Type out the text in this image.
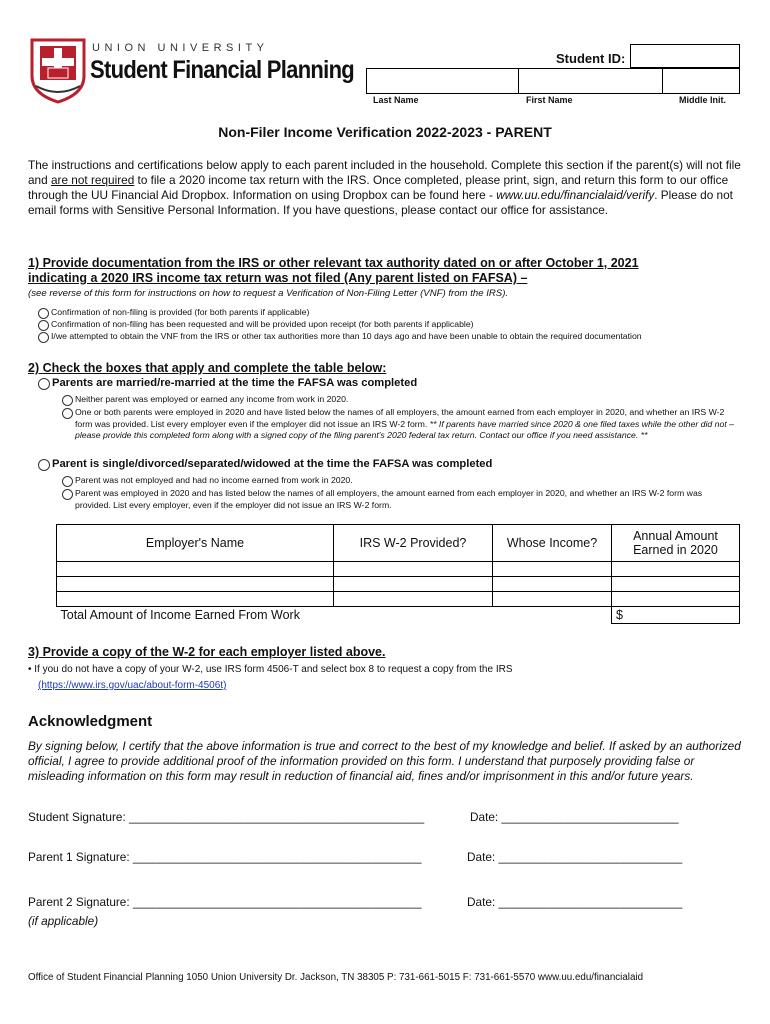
UNION UNIVERSITY
Student Financial Planning	Student ID:
Last Name	First Name	Middle Init.
Non-Filer Income Verification 2022-2023 - PARENT
The instructions and certifications below apply to each parent included in the household. Complete this section if the parent(s) will not file and are not required to file a 2020 income tax return with the IRS. Once completed, please print, sign, and return this form to our office through the UU Financial Aid Dropbox. Information on using Dropbox can be found here - www.uu.edu/financialaid/verify. Please do not email forms with Sensitive Personal Information. If you have questions, please contact our office for assistance.
1) Provide documentation from the IRS or other relevant tax authority dated on or after October 1, 2021
indicating a 2020 IRS income tax return was not filed (Any parent listed on FAFSA) –
(see reverse of this form for instructions on how to request a Verification of Non-Filing Letter (VNF) from the IRS).
Confirmation of non-filing is provided (for both parents if applicable)
Confirmation of non-filing has been requested and will be provided upon receipt (for both parents if applicable)
I/we attempted to obtain the VNF from the IRS or other tax authorities more than 10 days ago and have been unable to obtain the required documentation
2) Check the boxes that apply and complete the table below:
Parents are married/re-married at the time the FAFSA was completed
Neither parent was employed or earned any income from work in 2020.
One or both parents were employed in 2020 and have listed below the names of all employers, the amount earned from each employer in 2020, and whether an IRS W-2 form was provided. List every employer even if the employer did not issue an IRS W-2 form. ** If parents have married since 2020 & one filed taxes while the other did not – please provide this completed form along with a signed copy of the filing parent's 2020 federal tax return. Contact our office if you need assistance. **
Parent is single/divorced/separated/widowed at the time the FAFSA was completed
Parent was not employed and had no income earned from work in 2020.
Parent was employed in 2020 and has listed below the names of all employers, the amount earned from each employer in 2020, and whether an IRS W-2 form was provided. List every employer, even if the employer did not issue an IRS W-2 form.
Employer's Name	IRS W-2 Provided?	Whose Income?	Annual Amount Earned in 2020

Total Amount of Income Earned From Work			$
3) Provide a copy of the W-2 for each employer listed above.
• If you do not have a copy of your W-2, use IRS form 4506-T and select box 8 to request a copy from the IRS
(https://www.irs.gov/uac/about-form-4506t)
Acknowledgment
By signing below, I certify that the above information is true and correct to the best of my knowledge and belief. If asked by an authorized official, I agree to provide additional proof of the information provided on this form. I understand that purposely providing false or misleading information on this form may result in reduction of financial aid, fines and/or imprisonment in this and/or future years.
Student Signature: _____________________________________________	Date: ___________________________
Parent 1 Signature: ____________________________________________	Date: ____________________________
Parent 2 Signature: ____________________________________________	Date: ____________________________
(if applicable)
Office of Student Financial Planning 1050 Union University Dr. Jackson, TN 38305 P: 731-661-5015 F: 731-661-5570 www.uu.edu/financialaid
